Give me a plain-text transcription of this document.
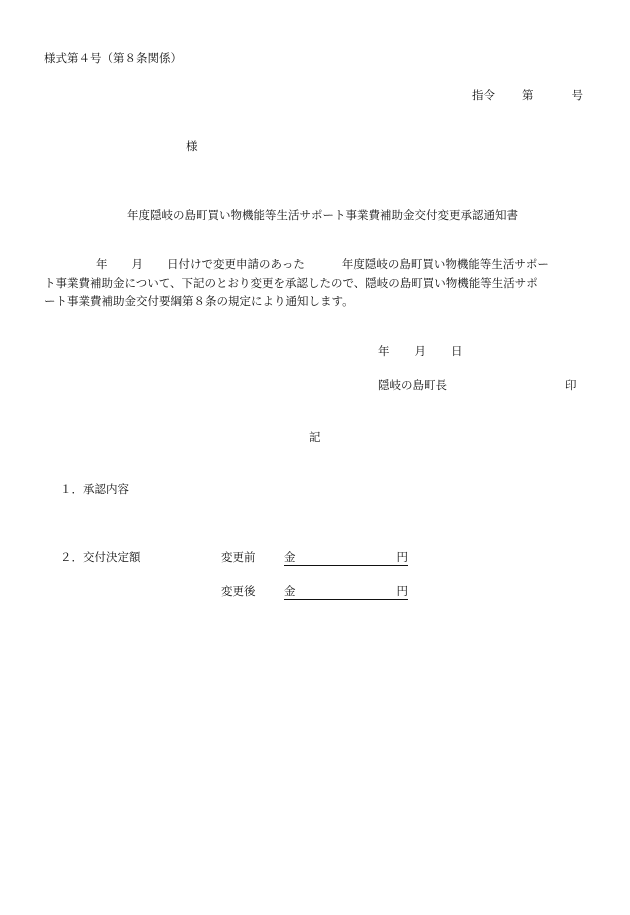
様式第４号（第８条関係）
指令 第	号
様
年度隠岐の島町買い物機能等生活サポート事業費補助金交付変更承認通知書
年 月 日付けで変更申請のあった	年度隠岐の島町買い物機能等生活サポー
ト事業費補助金について、下記のとおり変更を承認したので、隠岐の島町買い物機能等生活サポ
ート事業費補助金交付要綱第８条の規定により通知します。
年 月 日
隠岐の島町長	印
記
１．承認内容
２．交付決定額	変更前 金	円
変更後 金	円
